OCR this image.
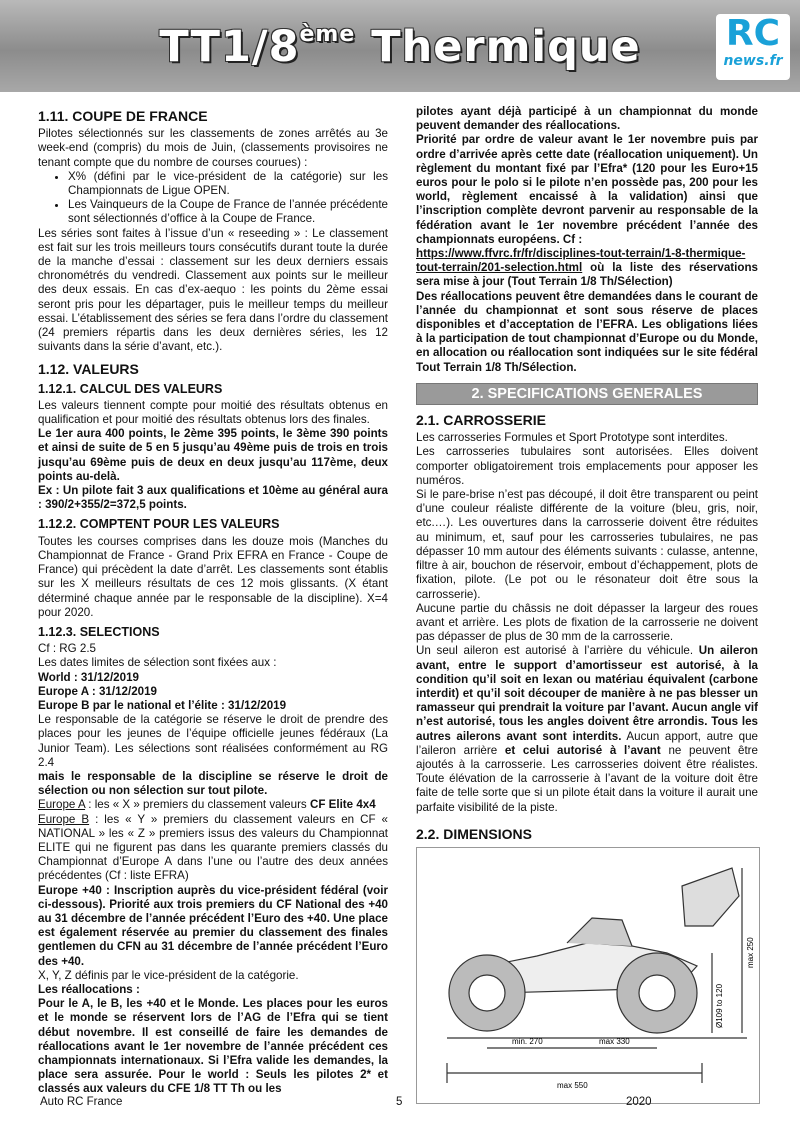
TT1/8ème Thermique	RC
news.fr
1.11. COUPE DE FRANCE

Pilotes sélectionnés sur les classements de zones arrêtés au 3e week-end (compris) du mois de Juin, (classements provisoires ne tenant compte que du nombre de courses courues) :

• X% (défini par le vice-président de la catégorie) sur les Championnats de Ligue OPEN.
• Les Vainqueurs de la Coupe de France de l’année précédente sont sélectionnés d’office à la Coupe de France.

Les séries sont faites à l’issue d’un « reseeding » : Le classement est fait sur les trois meilleurs tours consécutifs durant toute la durée de la manche d’essai : classement sur les deux derniers essais chronométrés du vendredi. Classement aux points sur le meilleur des deux essais. En cas d’ex-aequo : les points du 2ème essai seront pris pour les départager, puis le meilleur temps du meilleur essai. L’établissement des séries se fera dans l’ordre du classement (24 premiers répartis dans les deux dernières séries, les 12 suivants dans la série d’avant, etc.).

1.12. VALEURS
1.12.1. CALCUL DES VALEURS

Les valeurs tiennent compte pour moitié des résultats obtenus en qualification et pour moitié des résultats obtenus lors des finales.

Le 1er aura 400 points, le 2ème 395 points, le 3ème 390 points et ainsi de suite de 5 en 5 jusqu’au 49ème puis de trois en trois jusqu’au 69ème puis de deux en deux jusqu’au 117ème, deux points au-delà.

Ex : Un pilote fait 3 aux qualifications et 10ème au général aura : 390/2+355/2=372,5 points.

1.12.2. COMPTENT POUR LES VALEURS

Toutes les courses comprises dans les douze mois (Manches du Championnat de France - Grand Prix EFRA en France - Coupe de France) qui précèdent la date d’arrêt. Les classements sont établis sur les X meilleurs résultats de ces 12 mois glissants. (X étant déterminé chaque année par le responsable de la discipline). X=4 pour 2020.

1.12.3. SELECTIONS

Cf : RG 2.5

Les dates limites de sélection sont fixées aux :

World : 31/12/2019

Europe A : 31/12/2019

Europe B par le national et l’élite : 31/12/2019

Le responsable de la catégorie se réserve le droit de prendre des places pour les jeunes de l’équipe officielle jeunes fédéraux (La Junior Team). Les sélections sont réalisées conformément au RG 2.4

mais le responsable de la discipline se réserve le droit de sélection ou non sélection sur tout pilote.

Europe A : les « X » premiers du classement valeurs CF Elite 4x4

Europe B : les « Y » premiers du classement valeurs en CF « NATIONAL » les « Z » premiers issus des valeurs du Championnat ELITE qui ne figurent pas dans les quarante premiers classés du Championnat d’Europe A dans l’une ou l’autre des deux années précédentes (Cf : liste EFRA)

Europe +40 : Inscription auprès du vice-président fédéral (voir ci-dessous). Priorité aux trois premiers du CF National des +40 au 31 décembre de l’année précédent l’Euro des +40. Une place est également réservée au premier du classement des finales gentlemen du CFN au 31 décembre de l’année précédent l’Euro des +40.

X, Y, Z définis par le vice-président de la catégorie.

Les réallocations :

Pour le A, le B, les +40 et le Monde. Les places pour les euros et le monde se réservent lors de l’AG de l’Efra qui se tient début novembre. Il est conseillé de faire les demandes de réallocations avant le 1er novembre de l’année précédent ces championnats internationaux. Si l’Efra valide les demandes, la place sera assurée. Pour le world : Seuls les pilotes 2* et classés aux valeurs du CFE 1/8 TT Th ou les

pilotes ayant déjà participé à un championnat du monde peuvent demander des réallocations.

Priorité par ordre de valeur avant le 1er novembre puis par ordre d’arrivée après cette date (réallocation uniquement). Un règlement du montant fixé par l’Efra* (120 pour les Euro+15 euros pour le polo si le pilote n’en possède pas, 200 pour les world, règlement encaissé à la validation) ainsi que l’inscription complète devront parvenir au responsable de la fédération avant le 1er novembre précédent l’année des championnats européens. Cf :
https://www.ffvrc.fr/fr/disciplines-tout-terrain/1-8-thermique-tout-terrain/201-selection.html où la liste des réservations sera mise à jour (Tout Terrain 1/8 Th/Sélection)

Des réallocations peuvent être demandées dans le courant de l’année du championnat et sont sous réserve de places disponibles et d’acceptation de l’EFRA. Les obligations liées à la participation de tout championnat d’Europe ou du Monde, en allocation ou réallocation sont indiquées sur le site fédéral Tout Terrain 1/8 Th/Sélection.

2. SPECIFICATIONS GENERALES
2.1. CARROSSERIE

Les carrosseries Formules et Sport Prototype sont interdites.

Les carrosseries tubulaires sont autorisées. Elles doivent comporter obligatoirement trois emplacements pour apposer les numéros.

Si le pare-brise n’est pas découpé, il doit être transparent ou peint d’une couleur réaliste différente de la voiture (bleu, gris, noir, etc.…). Les ouvertures dans la carrosserie doivent être réduites au minimum, et, sauf pour les carrosseries tubulaires, ne pas dépasser 10 mm autour des éléments suivants : culasse, antenne, filtre à air, bouchon de réservoir, embout d’échappement, plots de fixation, pilote. (Le pot ou le résonateur doit être sous la carrosserie).

Aucune partie du châssis ne doit dépasser la largeur des roues avant et arrière. Les plots de fixation de la carrosserie ne doivent pas dépasser de plus de 30 mm de la carrosserie.

Un seul aileron est autorisé à l’arrière du véhicule. Un aileron avant, entre le support d’amortisseur est autorisé, à la condition qu’il soit en lexan ou matériau équivalent (carbone interdit) et qu’il soit découper de manière à ne pas blesser un ramasseur qui prendrait la voiture par l’avant. Aucun angle vif n’est autorisé, tous les angles doivent être arrondis. Tous les autres ailerons avant sont interdits. Aucun apport, autre que l’aileron arrière et celui autorisé à l’avant ne peuvent être ajoutés à la carrosserie. Les carrosseries doivent être réalistes. Toute élévation de la carrosserie à l’avant de la voiture doit être faite de telle sorte que si un pilote était dans la voiture il aurait une parfaite visibilité de la piste.

2.2. DIMENSIONS
min. 270	max 330
max 550
Ø109 to 120
max 250
Auto RC France	5	2020
